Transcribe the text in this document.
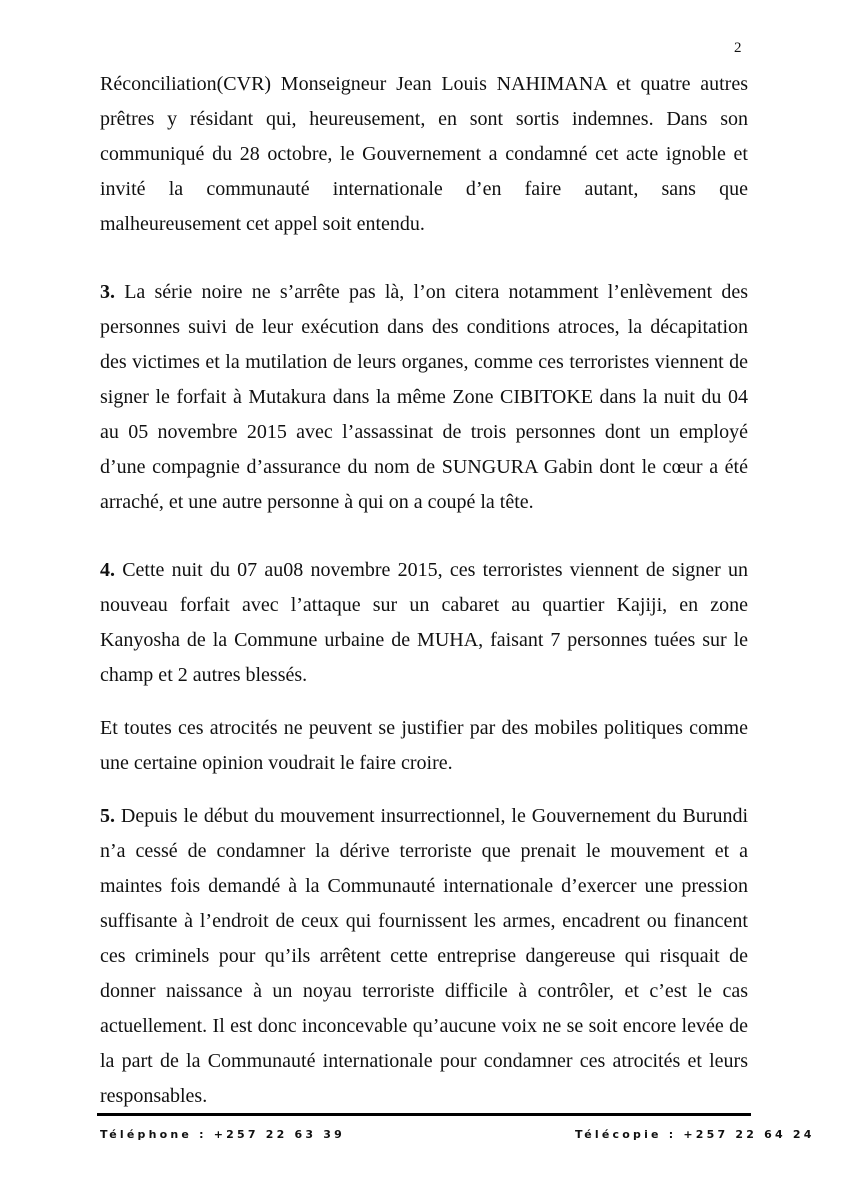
2
Réconciliation(CVR) Monseigneur Jean Louis NAHIMANA et quatre autres
prêtres y résidant qui, heureusement, en sont sortis indemnes. Dans son
communiqué du 28 octobre, le Gouvernement a condamné cet acte ignoble et
invité la communauté internationale d’en faire autant, sans que
malheureusement cet appel soit entendu.
3. La série noire ne s’arrête pas là, l’on citera notamment l’enlèvement des
personnes suivi de leur exécution dans des conditions atroces, la décapitation
des victimes et la mutilation de leurs organes, comme ces terroristes viennent de
signer le forfait à Mutakura dans la même Zone CIBITOKE dans la nuit du 04
au 05 novembre 2015 avec l’assassinat de trois personnes dont un employé
d’une compagnie d’assurance du nom de SUNGURA Gabin dont le cœur a été
arraché, et une autre personne à qui on a coupé la tête.
4. Cette nuit du 07 au08 novembre 2015, ces terroristes viennent de signer un
nouveau forfait avec l’attaque sur un cabaret au quartier Kajiji, en zone
Kanyosha de la Commune urbaine de MUHA, faisant 7 personnes tuées sur le
champ et 2 autres blessés.
Et toutes ces atrocités ne peuvent se justifier par des mobiles politiques comme
une certaine opinion voudrait le faire croire.
5. Depuis le début du mouvement insurrectionnel, le Gouvernement du Burundi
n’a cessé de condamner la dérive terroriste que prenait le mouvement et a
maintes fois demandé à la Communauté internationale d’exercer une pression
suffisante à l’endroit de ceux qui fournissent les armes, encadrent ou financent
ces criminels pour qu’ils arrêtent cette entreprise dangereuse qui risquait de
donner naissance à un noyau terroriste difficile à contrôler, et c’est le cas
actuellement. Il est donc inconcevable qu’aucune voix ne se soit encore levée de
la part de la Communauté internationale pour condamner ces atrocités et leurs
responsables.
Téléphone : +257 22 63 39	Télécopie : +257 22 64 24
